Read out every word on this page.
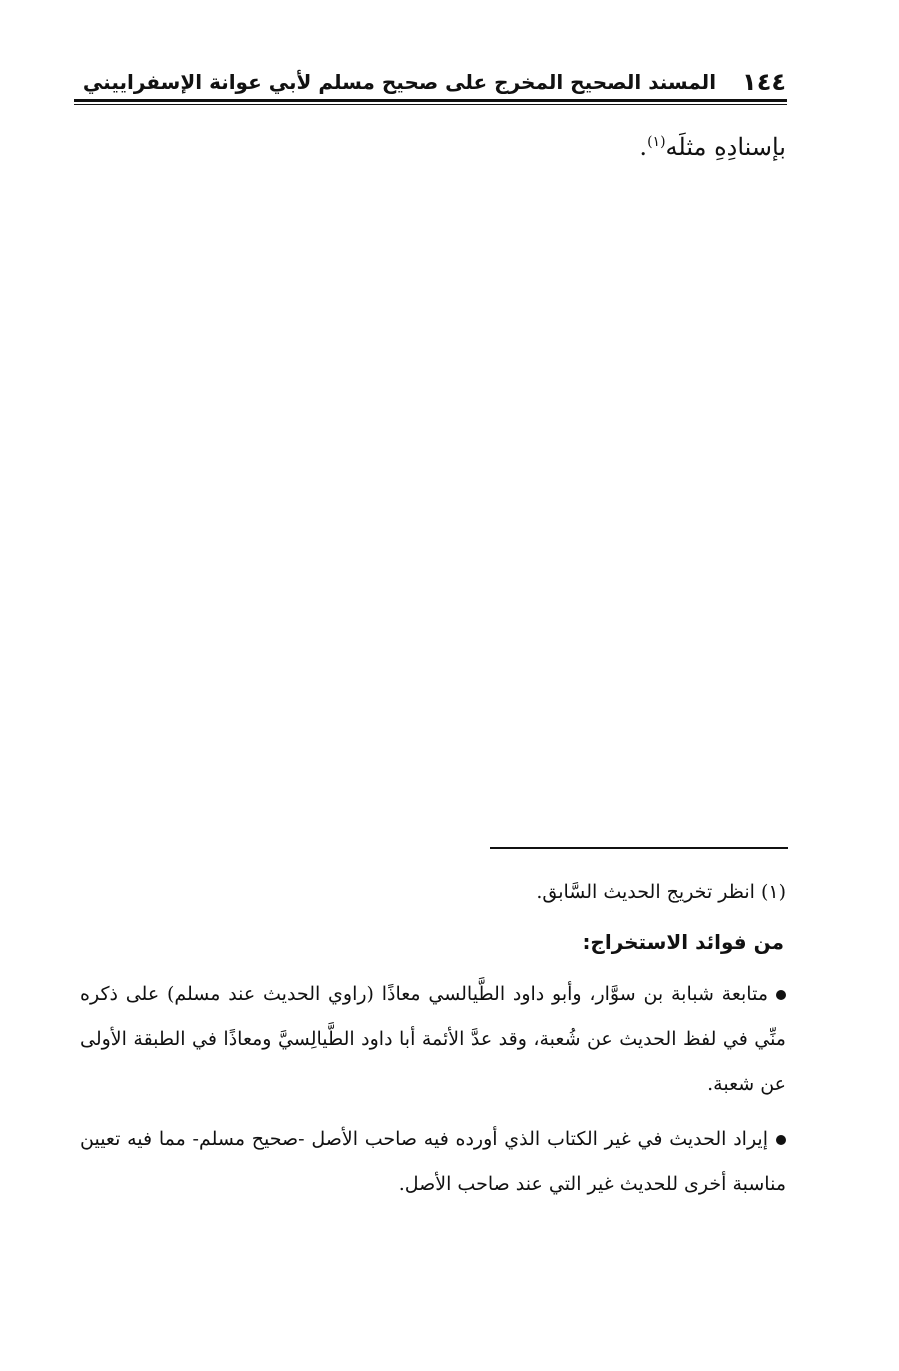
١٤٤
المسند الصحيح المخرج على صحيح مسلم لأبي عوانة الإسفراييني
بإسنادِهِ مثلَه$^{(١)}$.
(١) انظر تخريج الحديث السَّابق.
من فوائد الاستخراج:
متابعة شبابة بن سوَّار، وأبو داود الطَّيالسي معاذًا (راوي الحديث عند مسلم) على ذكره منِّي في لفظ الحديث عن شُعبة، وقد عدَّ الأئمة أبا داود الطَّيالِسيَّ ومعاذًا في الطبقة الأولى عن شعبة.
إيراد الحديث في غير الكتاب الذي أورده فيه صاحب الأصل -صحيح مسلم- مما فيه تعيين مناسبة أخرى للحديث غير التي عند صاحب الأصل.
